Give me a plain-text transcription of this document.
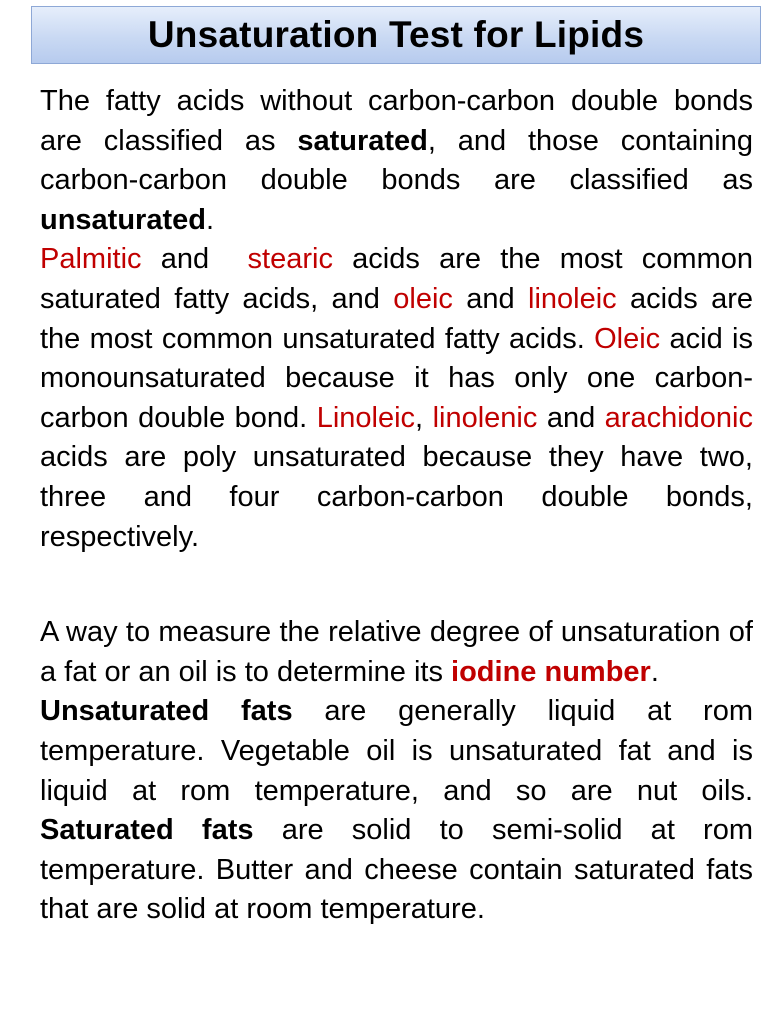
Unsaturation Test for Lipids

The fatty acids without carbon-carbon double bonds are classified as saturated, and those containing carbon-carbon double bonds are classified as unsaturated.

Palmitic and  stearic acids are the most common saturated fatty acids, and oleic and linoleic acids are the most common unsaturated fatty acids. Oleic acid is monounsaturated because it has only one carbon-carbon double bond. Linoleic, linolenic and arachidonic acids are poly unsaturated because they have two, three and four carbon-carbon double bonds, respectively.

A way to measure the relative degree of unsaturation of a fat or an oil is to determine its iodine number.

Unsaturated fats are generally liquid at rom temperature. Vegetable oil is unsaturated fat and is liquid at rom temperature, and so are nut oils. Saturated fats are solid to semi-solid at rom temperature. Butter and cheese contain saturated fats that are solid at room temperature.
